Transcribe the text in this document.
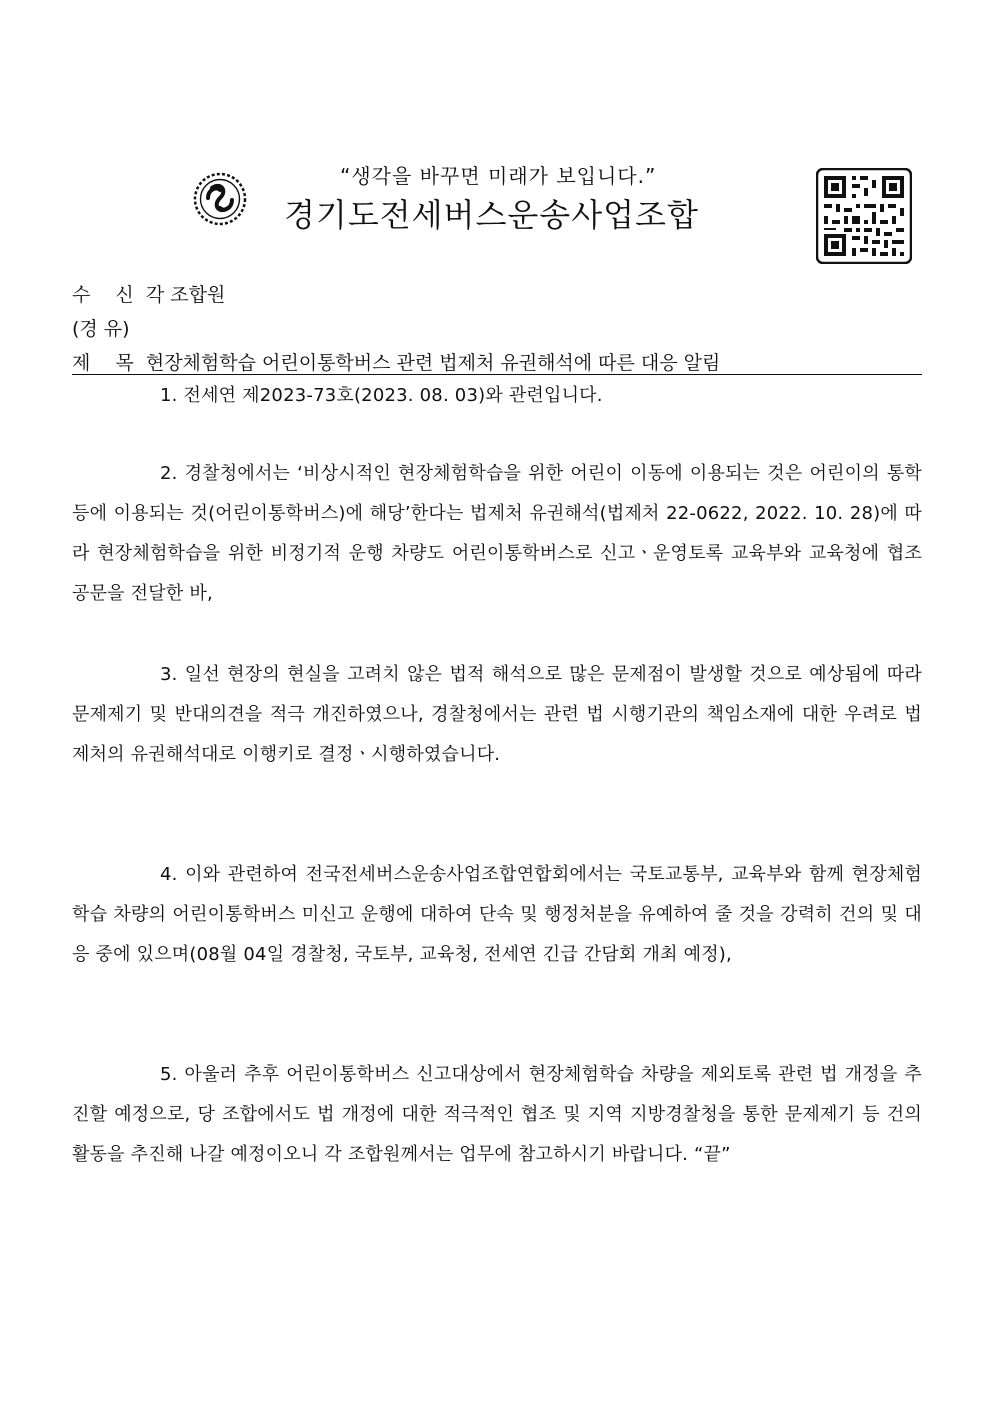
“생각을 바꾸면 미래가 보입니다.”
경기도전세버스운송사업조합
수　 신 각 조합원
(경 유)
제　 목 현장체험학습 어린이통학버스 관련 법제처 유권해석에 따른 대응 알림
1. 전세연 제2023-73호(2023. 08. 03)와 관련입니다.
2. 경찰청에서는 ‘비상시적인 현장체험학습을 위한 어린이 이동에 이용되는 것은 어린이의 통학 등에 이용되는 것(어린이통학버스)에 해당’한다는 법제처 유권해석(법제처 22-0622, 2022. 10. 28)에 따라 현장체험학습을 위한 비정기적 운행 차량도 어린이통학버스로 신고ㆍ운영토록 교육부와 교육청에 협조 공문을 전달한 바,
3. 일선 현장의 현실을 고려치 않은 법적 해석으로 많은 문제점이 발생할 것으로 예상됨에 따라 문제제기 및 반대의견을 적극 개진하였으나, 경찰청에서는 관련 법 시행기관의 책임소재에 대한 우려로 법제처의 유권해석대로 이행키로 결정ㆍ시행하였습니다.
4. 이와 관련하여 전국전세버스운송사업조합연합회에서는 국토교통부, 교육부와 함께 현장체험학습 차량의 어린이통학버스 미신고 운행에 대하여 단속 및 행정처분을 유예하여 줄 것을 강력히 건의 및 대응 중에 있으며(08월 04일 경찰청, 국토부, 교육청, 전세연 긴급 간담회 개최 예정),
5. 아울러 추후 어린이통학버스 신고대상에서 현장체험학습 차량을 제외토록 관련 법 개정을 추진할 예정으로, 당 조합에서도 법 개정에 대한 적극적인 협조 및 지역 지방경찰청을 통한 문제제기 등 건의 활동을 추진해 나갈 예정이오니 각 조합원께서는 업무에 참고하시기 바랍니다. “끝”
